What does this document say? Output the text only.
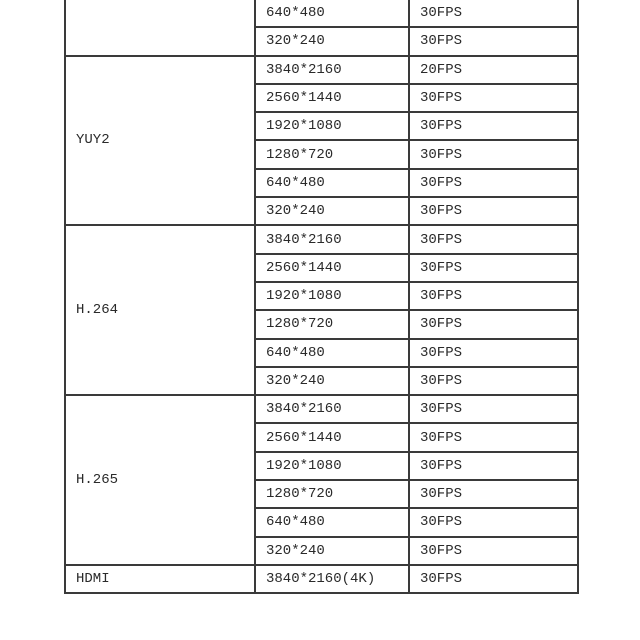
	640*480	30FPS
	320*240	30FPS
YUY2	3840*2160	20FPS
	2560*1440	30FPS
	1920*1080	30FPS
	1280*720	30FPS
	640*480	30FPS
	320*240	30FPS
H.264	3840*2160	30FPS
	2560*1440	30FPS
	1920*1080	30FPS
	1280*720	30FPS
	640*480	30FPS
	320*240	30FPS
H.265	3840*2160	30FPS
	2560*1440	30FPS
	1920*1080	30FPS
	1280*720	30FPS
	640*480	30FPS
	320*240	30FPS
HDMI	3840*2160(4K)	30FPS
